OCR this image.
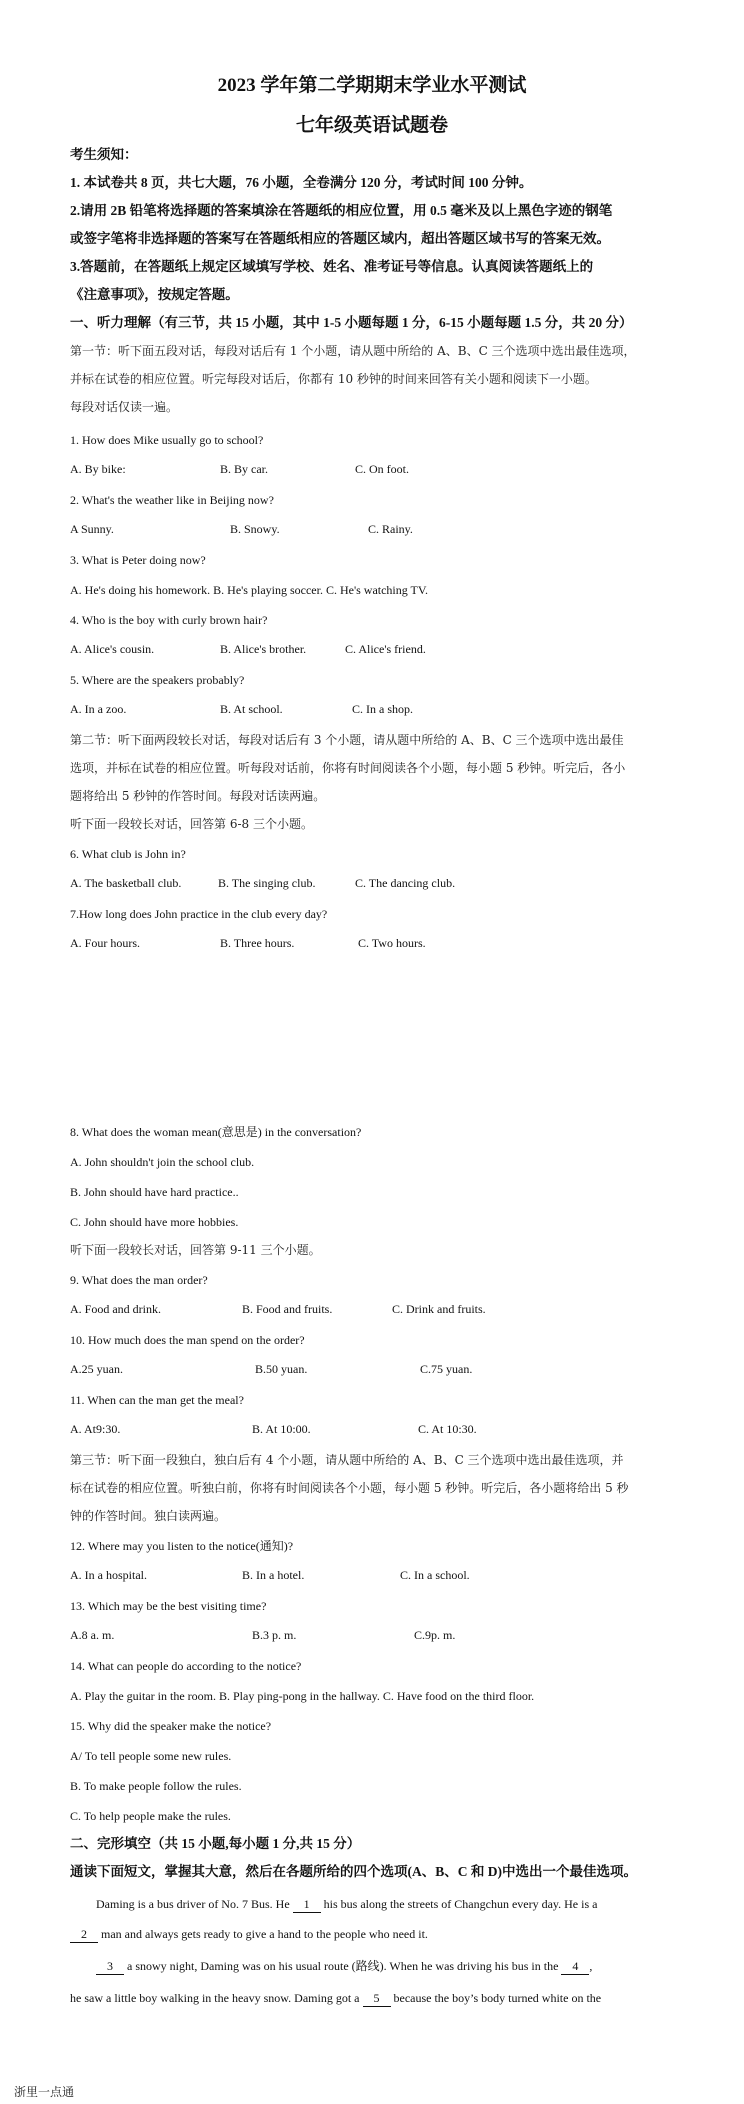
2023 学年第二学期期末学业水平测试
七年级英语试题卷
考生须知：
1. 本试卷共 8 页，共七大题，76 小题，全卷满分 120 分，考试时间 100 分钟。
2.请用 2B 铅笔将选择题的答案填涂在答题纸的相应位置，用 0.5 毫米及以上黑色字迹的钢笔
或签字笔将非选择题的答案写在答题纸相应的答题区域内，超出答题区域书写的答案无效。
3.答题前，在答题纸上规定区域填写学校、姓名、准考证号等信息。认真阅读答题纸上的
《注意事项》，按规定答题。
一、听力理解（有三节，共 15 小题，其中 1-5 小题每题 1 分，6-15 小题每题 1.5 分，共 20 分）
第一节：听下面五段对话，每段对话后有 1 个小题，请从题中所给的 A、B、C 三个选项中选出最佳选项，
并标在试卷的相应位置。听完每段对话后，你都有 10 秒钟的时间来回答有关小题和阅读下一小题。
每段对话仅读一遍。
1. How does Mike usually go to school?
A. By bike:	B. By car.	C. On foot.
2. What's the weather like in Beijing now?
A Sunny.	B. Snowy.	C. Rainy.
3. What is Peter doing now?
A. He's doing his homework. B. He's playing soccer. C. He's watching TV.
4. Who is the boy with curly brown hair?
A. Alice's cousin.	B. Alice's brother.	C. Alice's friend.
5. Where are the speakers probably?
A. In a zoo.	B. At school.	C. In a shop.
第二节：听下面两段较长对话，每段对话后有 3 个小题，请从题中所给的 A、B、C 三个选项中选出最佳
选项，并标在试卷的相应位置。听每段对话前，你将有时间阅读各个小题，每小题 5 秒钟。听完后，各小
题将给出 5 秒钟的作答时间。每段对话读两遍。
听下面一段较长对话，回答第 6-8 三个小题。
6. What club is John in?
A. The basketball club.	B. The singing club.	C. The dancing club.
7.How long does John practice in the club every day?
A. Four hours.	B. Three hours.	C. Two hours.
8. What does the woman mean(意思是) in the conversation?
A. John shouldn't join the school club.
B. John should have hard practice..
C. John should have more hobbies.
听下面一段较长对话，回答第 9-11 三个小题。
9. What does the man order?
A. Food and drink.	B. Food and fruits.	C. Drink and fruits.
10. How much does the man spend on the order?
A.25 yuan.	B.50 yuan.	C.75 yuan.
11. When can the man get the meal?
A. At9:30.	B. At 10:00.	C. At 10:30.
第三节：听下面一段独白，独白后有 4 个小题，请从题中所给的 A、B、C 三个选项中选出最佳选项，并
标在试卷的相应位置。听独白前，你将有时间阅读各个小题，每小题 5 秒钟。听完后，各小题将给出 5 秒
钟的作答时间。独白读两遍。
12. Where may you listen to the notice(通知)?
A. In a hospital.	B. In a hotel.	C. In a school.
13. Which may be the best visiting time?
A.8 a. m.	B.3 p. m.	C.9p. m.
14. What can people do according to the notice?
A. Play the guitar in the room. B. Play ping-pong in the hallway. C. Have food on the third floor.
15. Why did the speaker make the notice?
A/ To tell people some new rules.
B. To make people follow the rules.
C. To help people make the rules.
二、完形填空（共 15 小题,每小题 1 分,共 15 分）
通读下面短文，掌握其大意，然后在各题所给的四个选项(A、B、C 和 D)中选出一个最佳选项。
Daming is a bus driver of No. 7 Bus. He 1 his bus along the streets of Changchun every day. He is a
2 man and always gets ready to give a hand to the people who need it.
3 a snowy night, Daming was on his usual route (路线). When he was driving his bus in the 4 ,
he saw a little boy walking in the heavy snow. Daming got a 5 because the boy’s body turned white on the
浙里一点通
